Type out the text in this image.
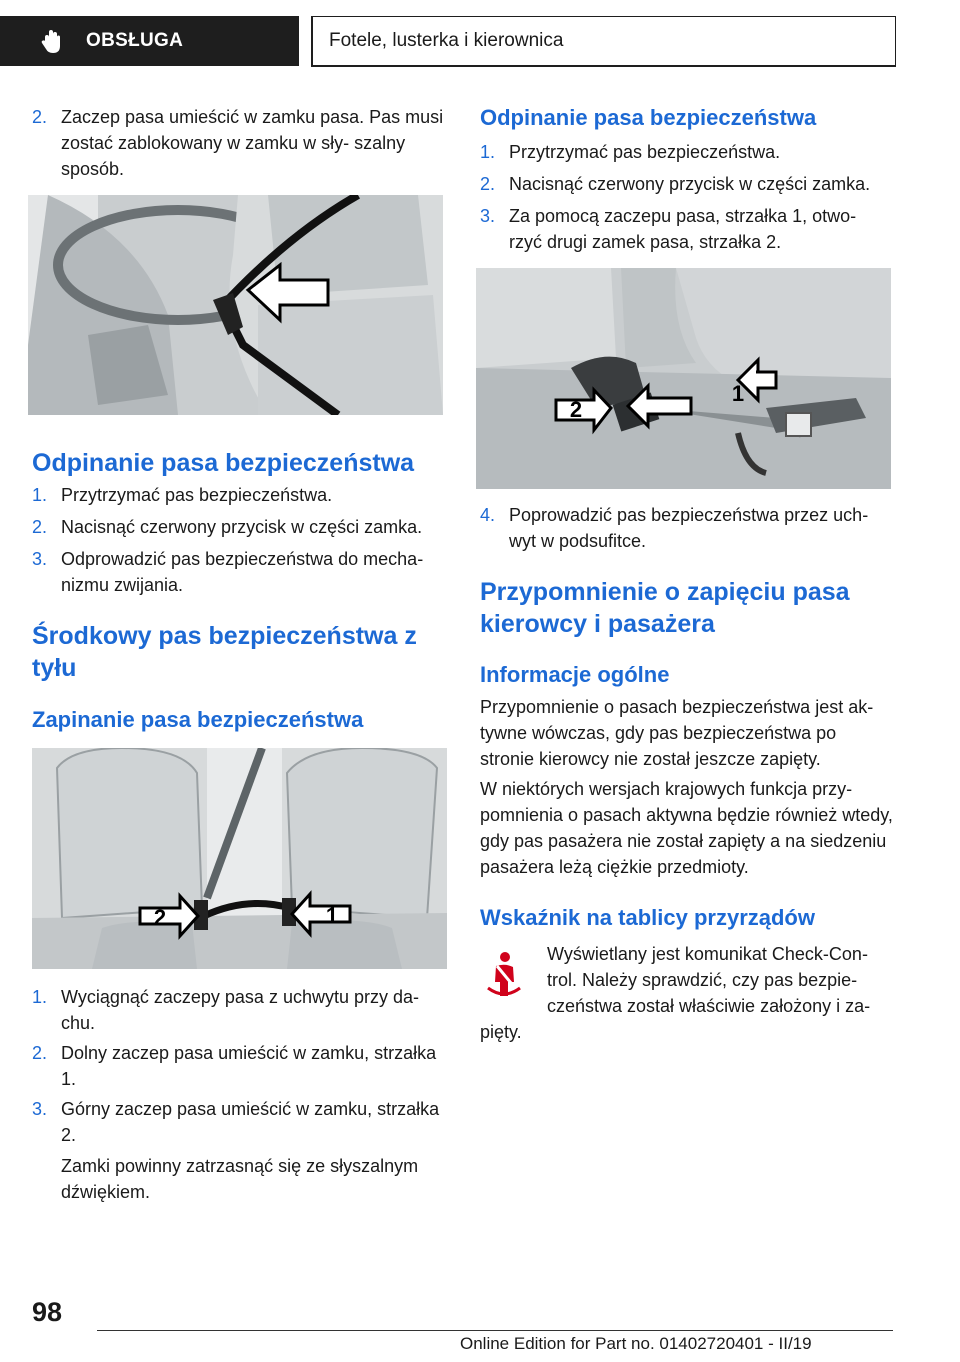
OBSŁUGA	Fotele, lusterka i kierownica
2. Zaczep pasa umieścić w zamku pasa. Pas musi zostać zablokowany w zamku w sły- szalny sposób.
Odpinanie pasa bezpieczeństwa
1. Przytrzymać pas bezpieczeństwa.
2. Nacisnąć czerwony przycisk w części zamka.
3. Odprowadzić pas bezpieczeństwa do mecha- nizmu zwijania.
Środkowy pas bezpieczeństwa z tyłu
Zapinanie pasa bezpieczeństwa
2	1
1. Wyciągnąć zaczepy pasa z uchwytu przy da- chu.
2. Dolny zaczep pasa umieścić w zamku, strzałka 1.
3. Górny zaczep pasa umieścić w zamku, strzałka 2.
Zamki powinny zatrzasnąć się ze słyszalnym dźwiękiem.
Odpinanie pasa bezpieczeństwa
1. Przytrzymać pas bezpieczeństwa.
2. Nacisnąć czerwony przycisk w części zamka.
3. Za pomocą zaczepu pasa, strzałka 1, otwo- rzyć drugi zamek pasa, strzałka 2.
2
1
4. Poprowadzić pas bezpieczeństwa przez uch- wyt w podsufitce.
Przypomnienie o zapięciu pasa kierowcy i pasażera
Informacje ogólne
Przypomnienie o pasach bezpieczeństwa jest ak- tywne wówczas, gdy pas bezpieczeństwa po stronie kierowcy nie został jeszcze zapięty.
W niektórych wersjach krajowych funkcja przy- pomnienia o pasach aktywna będzie również wtedy, gdy pas pasażera nie został zapięty a na siedzeniu pasażera leżą ciężkie przedmioty.
Wskaźnik na tablicy przyrządów
Wyświetlany jest komunikat Check-Con- trol. Należy sprawdzić, czy pas bezpie- czeństwa został właściwie założony i za-
pięty.
98
Online Edition for Part no. 01402720401 - II/19
